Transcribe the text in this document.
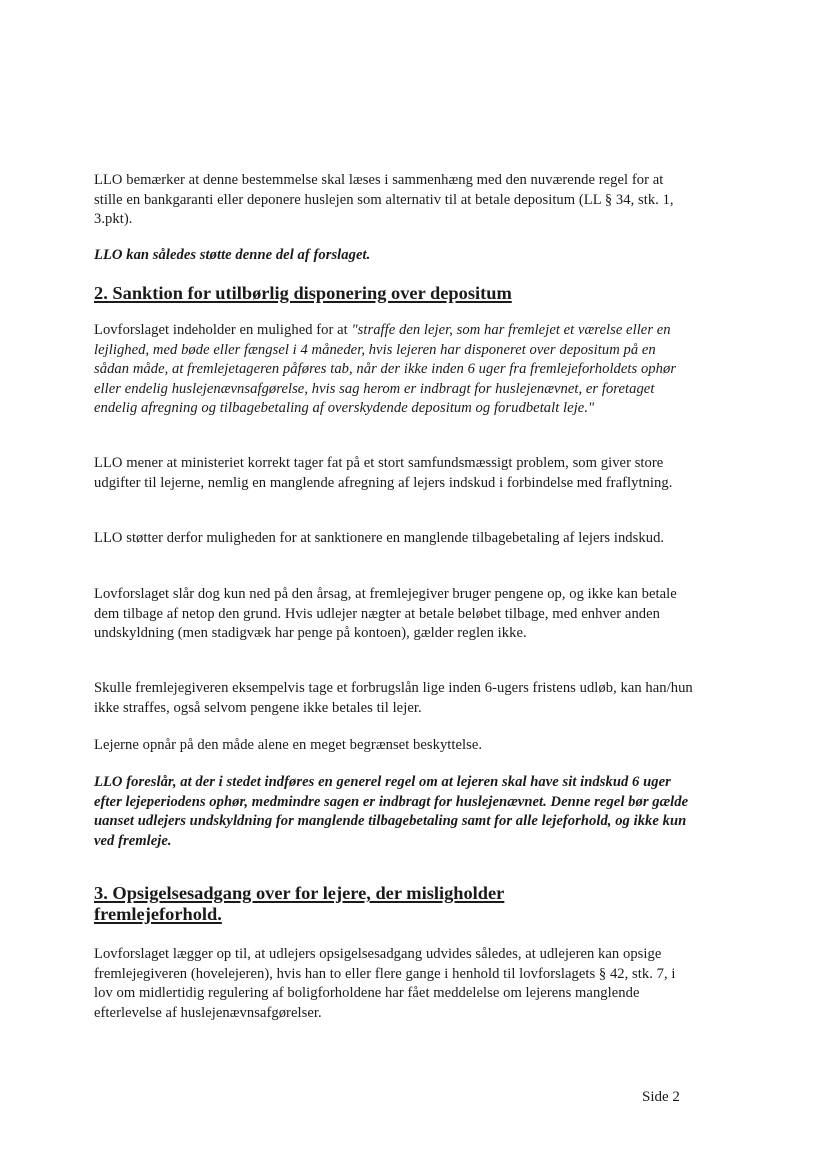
LLO bemærker at denne bestemmelse skal læses i sammenhæng med den nuværende regel for at stille en bankgaranti eller deponere huslejen som alternativ til at betale depositum (LL § 34, stk. 1, 3.pkt).

LLO kan således støtte denne del af forslaget.

2. Sanktion for utilbørlig disponering over depositum

Lovforslaget indeholder en mulighed for at "straffe den lejer, som har fremlejet et værelse eller en lejlighed, med bøde eller fængsel i 4 måneder, hvis lejeren har disponeret over depositum på en sådan måde, at fremlejetageren påføres tab, når der ikke inden 6 uger fra fremlejeforholdets ophør eller endelig huslejenævnsafgørelse, hvis sag herom er indbragt for huslejenævnet, er foretaget endelig afregning og tilbagebetaling af overskydende depositum og forudbetalt leje."

LLO mener at ministeriet korrekt tager fat på et stort samfundsmæssigt problem, som giver store udgifter til lejerne, nemlig en manglende afregning af lejers indskud i forbindelse med fraflytning.

LLO støtter derfor muligheden for at sanktionere en manglende tilbagebetaling af lejers indskud.

Lovforslaget slår dog kun ned på den årsag, at fremlejegiver bruger pengene op, og ikke kan betale dem tilbage af netop den grund. Hvis udlejer nægter at betale beløbet tilbage, med enhver anden undskyldning (men stadigvæk har penge på kontoen), gælder reglen ikke.

Skulle fremlejegiveren eksempelvis tage et forbrugslån lige inden 6-ugers fristens udløb, kan han/hun ikke straffes, også selvom pengene ikke betales til lejer.

Lejerne opnår på den måde alene en meget begrænset beskyttelse.

LLO foreslår, at der i stedet indføres en generel regel om at lejeren skal have sit indskud 6 uger efter lejeperiodens ophør, medmindre sagen er indbragt for huslejenævnet. Denne regel bør gælde uanset udlejers undskyldning for manglende tilbagebetaling samt for alle lejeforhold, og ikke kun ved fremleje.

3. Opsigelsesadgang over for lejere, der misligholder fremlejeforhold.

Lovforslaget lægger op til, at udlejers opsigelsesadgang udvides således, at udlejeren kan opsige fremlejegiveren (hovelejeren), hvis han to eller flere gange i henhold til lovforslagets § 42, stk. 7, i lov om midlertidig regulering af boligforholdene har fået meddelelse om lejerens manglende efterlevelse af huslejenævnsafgørelser.

Side 2
